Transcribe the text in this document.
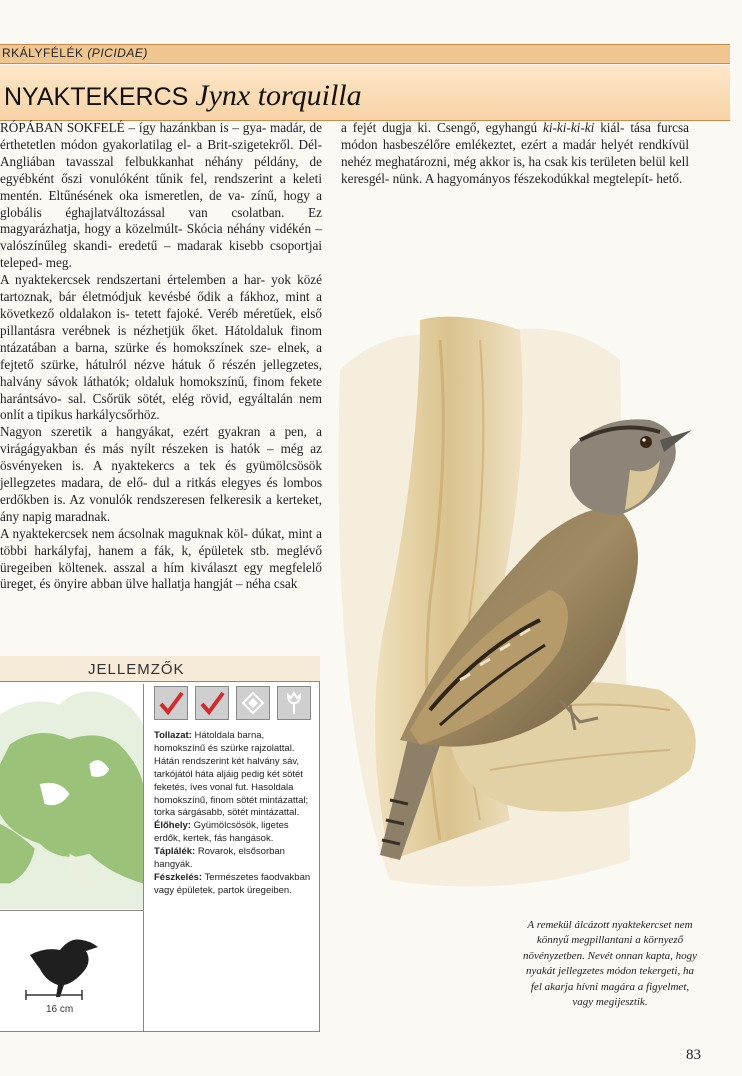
RKÁLYFÉLÉK (PICIDAE)
NYAKTEKERCS Jynx torquilla

RÓPÁBAN SOKFELÉ – így hazánkban is – gya- madár, de érthetetlen módon gyakorlatilag el- a Brit-szigetekről. Dél-Angliában tavasszal felbukkanhat néhány példány, de egyébként őszi vonulóként tűnik fel, rendszerint a keleti mentén. Eltűnésének oka ismeretlen, de va- zínű, hogy a globális éghajlatváltozással van csolatban. Ez magyarázhatja, hogy a közelmúlt- Skócia néhány vidékén – valószínűleg skandi- eredetű – madarak kisebb csoportjai teleped- meg.

A nyaktekercsek rendszertani értelemben a har- yok közé tartoznak, bár életmódjuk kevésbé ődik a fákhoz, mint a következő oldalakon is- tetett fajoké. Veréb méretűek, első pillantásra verébnek is nézhetjük őket. Hátoldaluk finom ntázatában a barna, szürke és homokszínek sze- elnek, a fejtető szürke, hátulról nézve hátuk ő részén jellegzetes, halvány sávok láthatók; oldaluk homokszínű, finom fekete harántsávo- sal. Csőrük sötét, elég rövid, egyáltalán nem onlít a tipikus harkálycsőrhöz.

Nagyon szeretik a hangyákat, ezért gyakran a pen, a virágágyakban és más nyílt részeken is hatók – még az ösvényeken is. A nyaktekercs a tek és gyümölcsösök jellegzetes madara, de elő- dul a ritkás elegyes és lombos erdőkben is. Az vonulók rendszeresen felkeresik a kerteket, ány napig maradnak.

A nyaktekercsek nem ácsolnak maguknak köl- dúkat, mint a többi harkályfaj, hanem a fák, k, épületek stb. meglévő üregeiben költenek. asszal a hím kiválaszt egy megfelelő üreget, és önyire abban ülve hallatja hangját – néha csak

a fejét dugja ki. Csengő, egyhangú ki-ki-ki-ki kiál- tása furcsa módon hasbeszélőre emlékeztet, ezért a madár helyét rendkívül nehéz meghatározni, még akkor is, ha csak kis területen belül kell keresgél- nünk. A hagyományos fészekodúkkal megtelepít- hető.

A remekül álcázott nyaktekercset nem könnyű megpillantani a környező növényzetben. Nevét onnan kapta, hogy nyakát jellegzetes módon tekergeti, ha fel akarja hívni magára a figyelmet, vagy megijesztik.
JELLEMZŐK
16 cm

Tollazat: Hátoldala barna, homokszínű és szürke rajzolattal. Hátán rendszerint két halvány sáv, tarkójától háta aljáig pedig két sötét feketés, íves vonal fut. Hasoldala homokszínű, finom sötét mintázattal; torka sárgásabb, sötét mintázattal.

Élőhely: Gyümölcsösök, ligetes erdők, kertek, fás hangások.

Táplálék: Rovarok, elsősorban hangyák.

Fészkelés: Természetes faodvakban vagy épületek, partok üregeiben.

83
